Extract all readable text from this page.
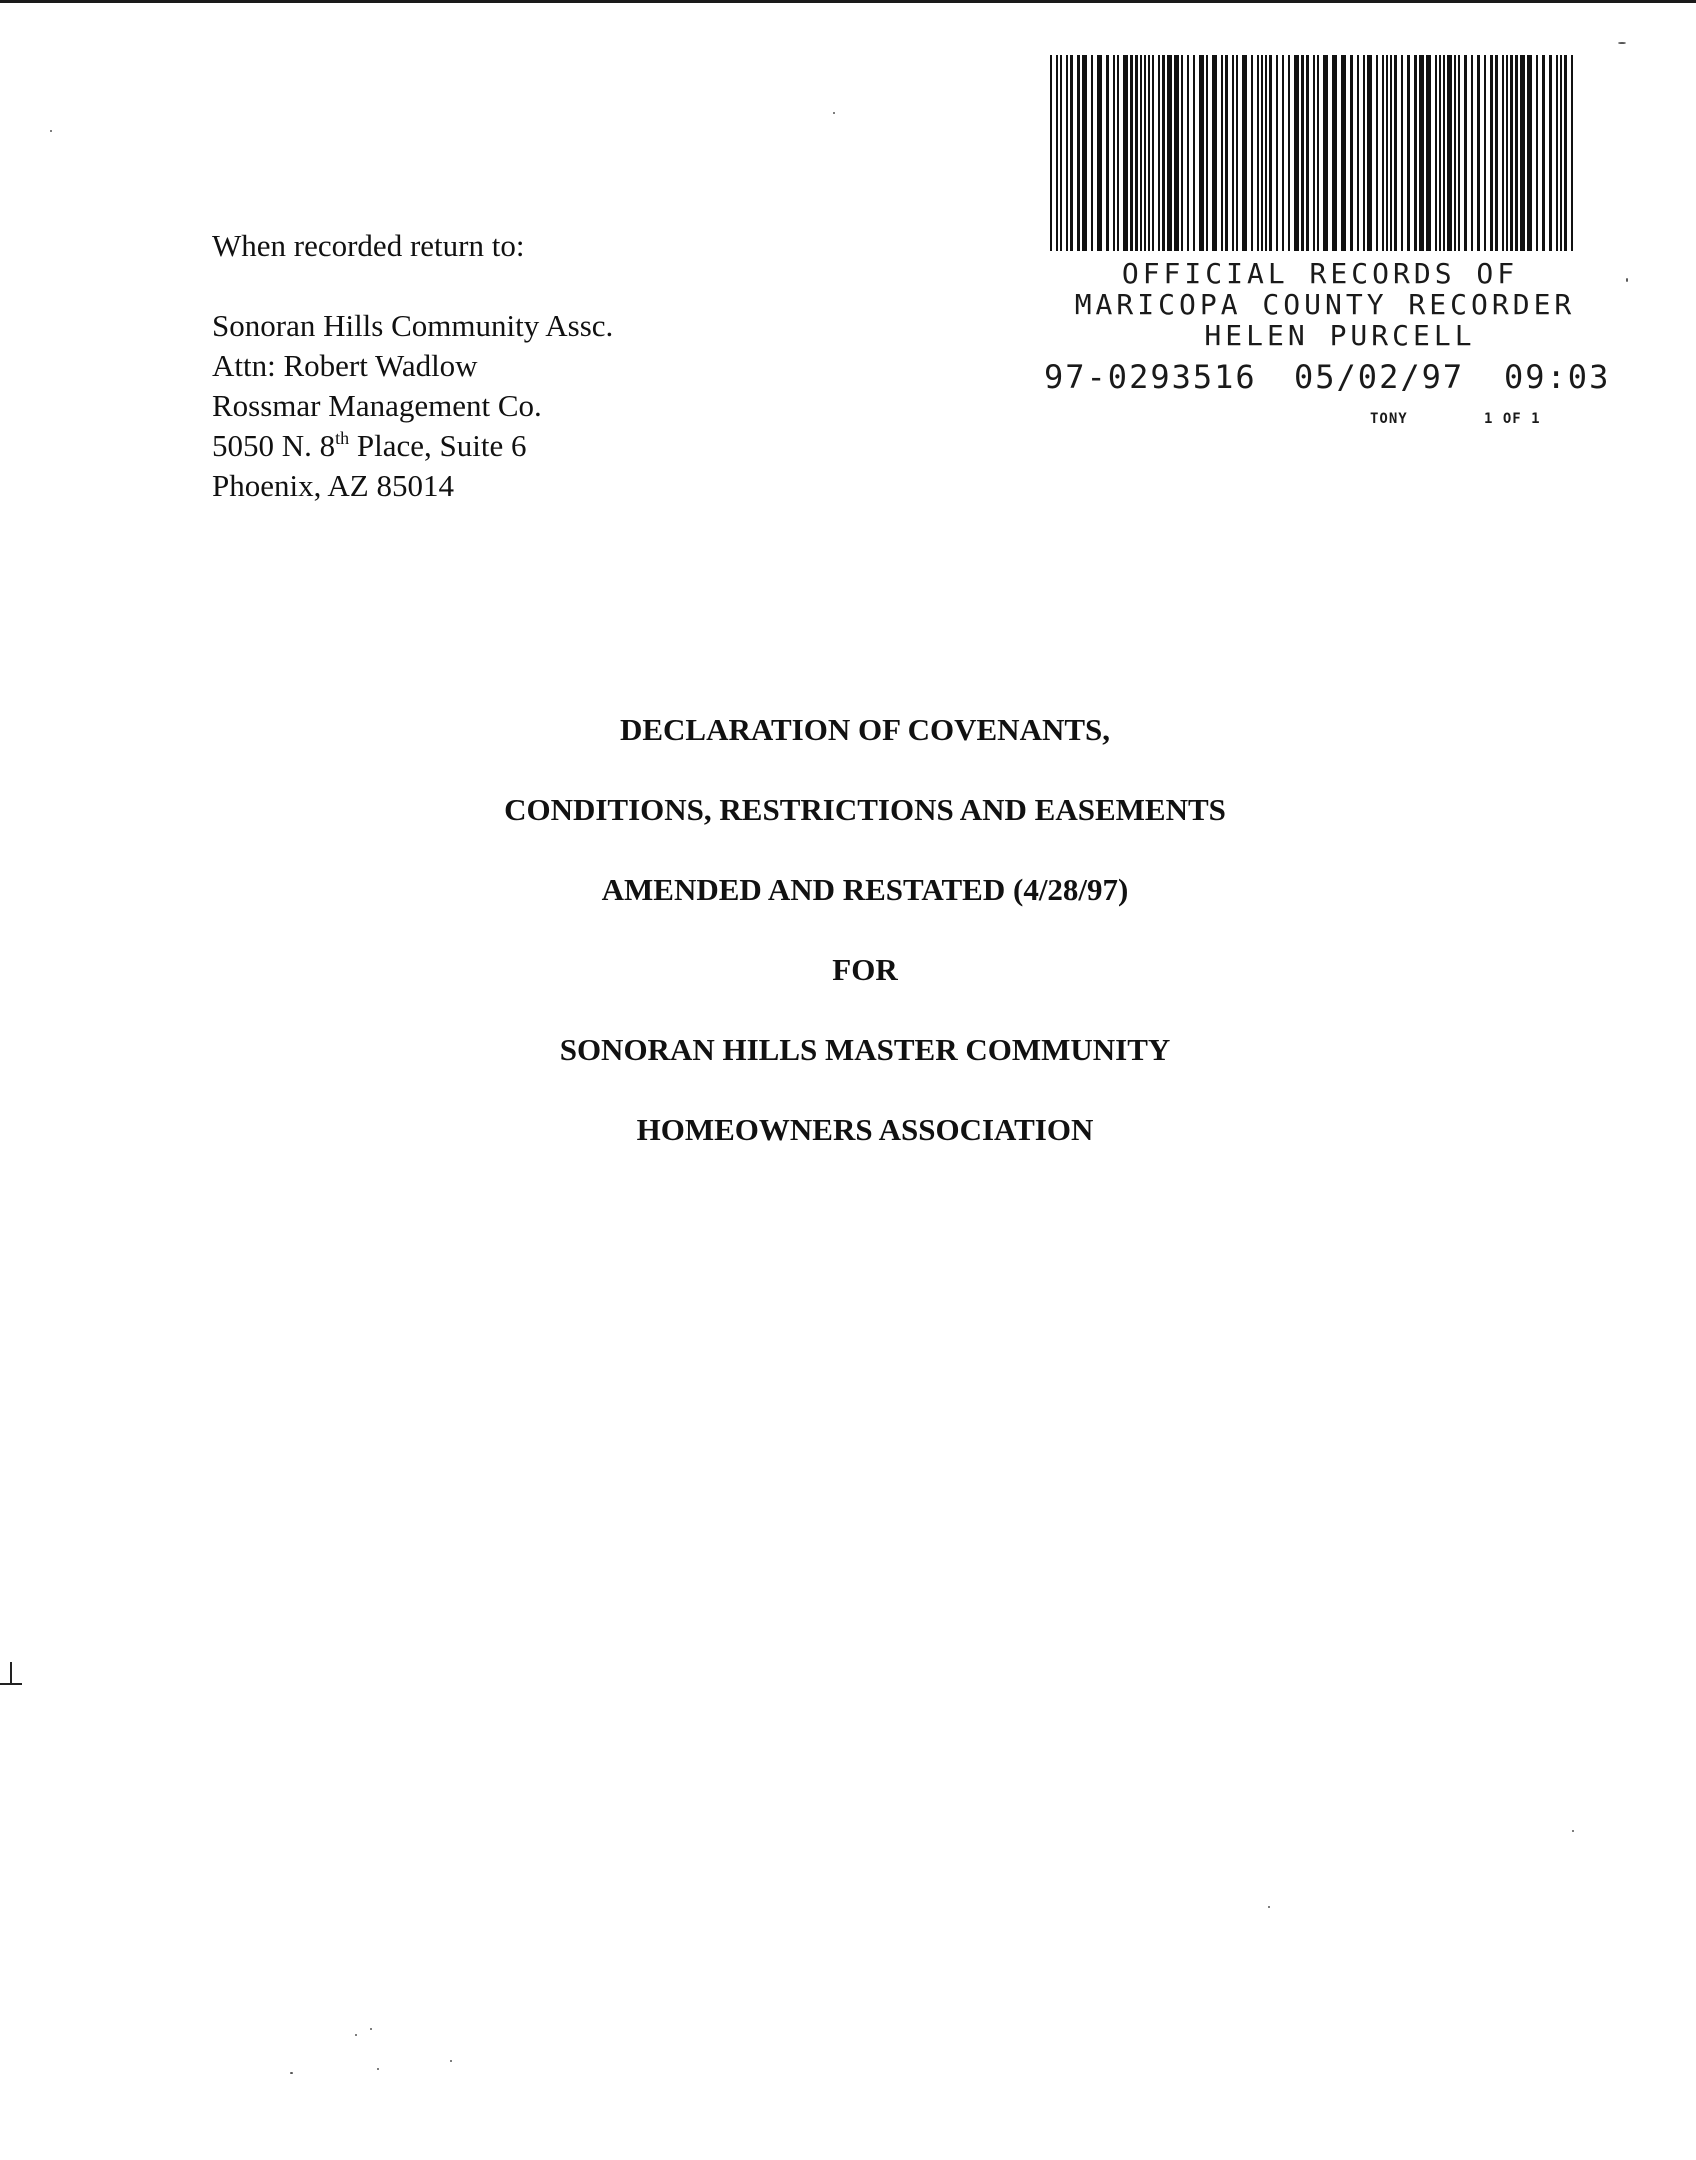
When recorded return to:
Sonoran Hills Community Assc.
Attn: Robert Wadlow
Rossmar Management Co.
5050 N. 8th Place, Suite 6
Phoenix, AZ 85014
OFFICIAL RECORDS OF
MARICOPA COUNTY RECORDER
HELEN PURCELL
97-0293516 05/02/97 09:03
TONY	1 OF 1
DECLARATION OF COVENANTS,
CONDITIONS, RESTRICTIONS AND EASEMENTS
AMENDED AND RESTATED (4/28/97)
FOR
SONORAN HILLS MASTER COMMUNITY
HOMEOWNERS ASSOCIATION
